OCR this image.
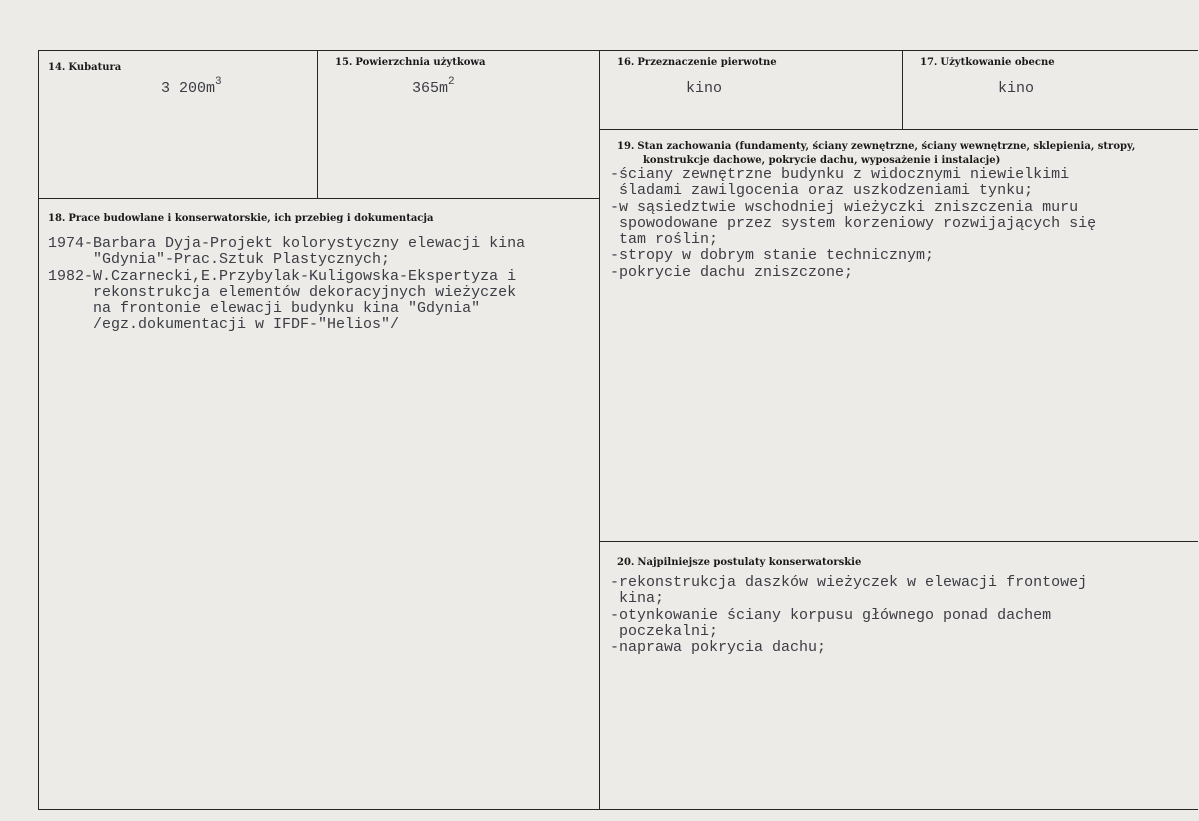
14. Kubatura
3 $200m^3$
15. Powierzchnia użytkowa
$365m^2$
16. Przeznaczenie pierwotne
kino
17. Użytkowanie obecne
kino
18. Prace budowlane i konserwatorskie, ich przebieg i dokumentacja
1974-Barbara Dyja-Projekt kolorystyczny elewacji kina
"Gdynia"-Prac.Sztuk Plastycznych;
1982-W.Czarnecki,E.Przybylak-Kuligowska-Ekspertyza i
rekonstrukcja elementów dekoracyjnych wieżyczek
na frontonie elewacji budynku kina "Gdynia"
/egz.dokumentacji w IFDF-"Helios"/
19. Stan zachowania (fundamenty, ściany zewnętrzne, ściany wewnętrzne, sklepienia, stropy,
konstrukcje dachowe, pokrycie dachu, wyposażenie i instalacje)
-ściany zewnętrzne budynku z widocznymi niewielkimi
śladami zawilgocenia oraz uszkodzeniami tynku;
-w sąsiedztwie wschodniej wieżyczki zniszczenia muru
spowodowane przez system korzeniowy rozwijających się
tam roślin;
-stropy w dobrym stanie technicznym;
-pokrycie dachu zniszczone;
20. Najpilniejsze postulaty konserwatorskie
-rekonstrukcja daszków wieżyczek w elewacji frontowej
kina;
-otynkowanie ściany korpusu głównego ponad dachem
poczekalni;
-naprawa pokrycia dachu;
